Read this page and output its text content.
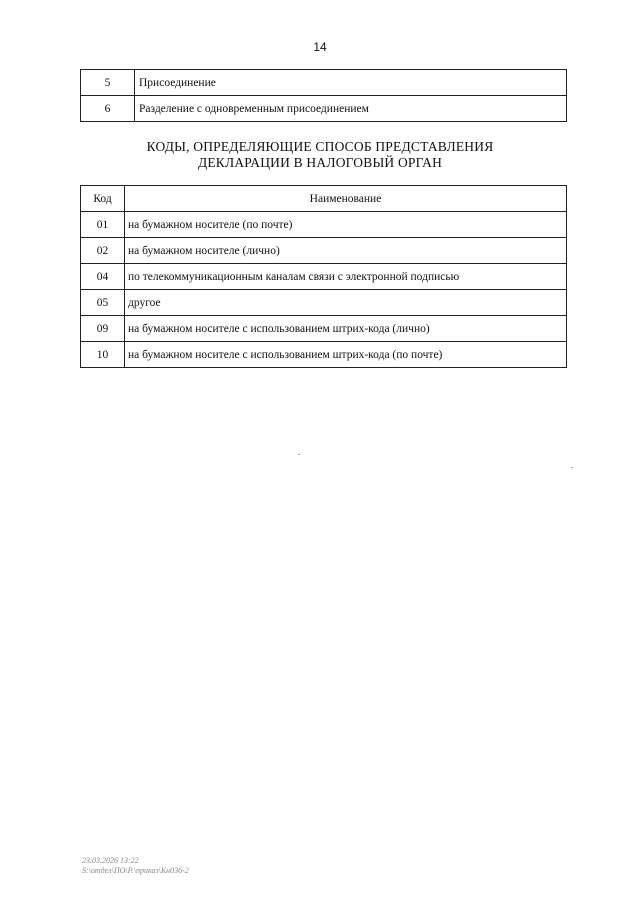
14
5	Присоединение
6	Разделение с одновременным присоединением
КОДЫ, ОПРЕДЕЛЯЮЩИЕ СПОСОБ ПРЕДСТАВЛЕНИЯ
ДЕКЛАРАЦИИ В НАЛОГОВЫЙ ОРГАН
Код	Наименование
01	на бумажном носителе (по почте)
02	на бумажном носителе (лично)
04	по телекоммуникационным каналам связи с электронной подписью
05	другое
09	на бумажном носителе с использованием штрих-кода (лично)
10	на бумажном носителе с использованием штрих-кода (по почте)
23.03.2026 13:22
S:\отдел\ПО\Р.\приказ\Кн036-2
